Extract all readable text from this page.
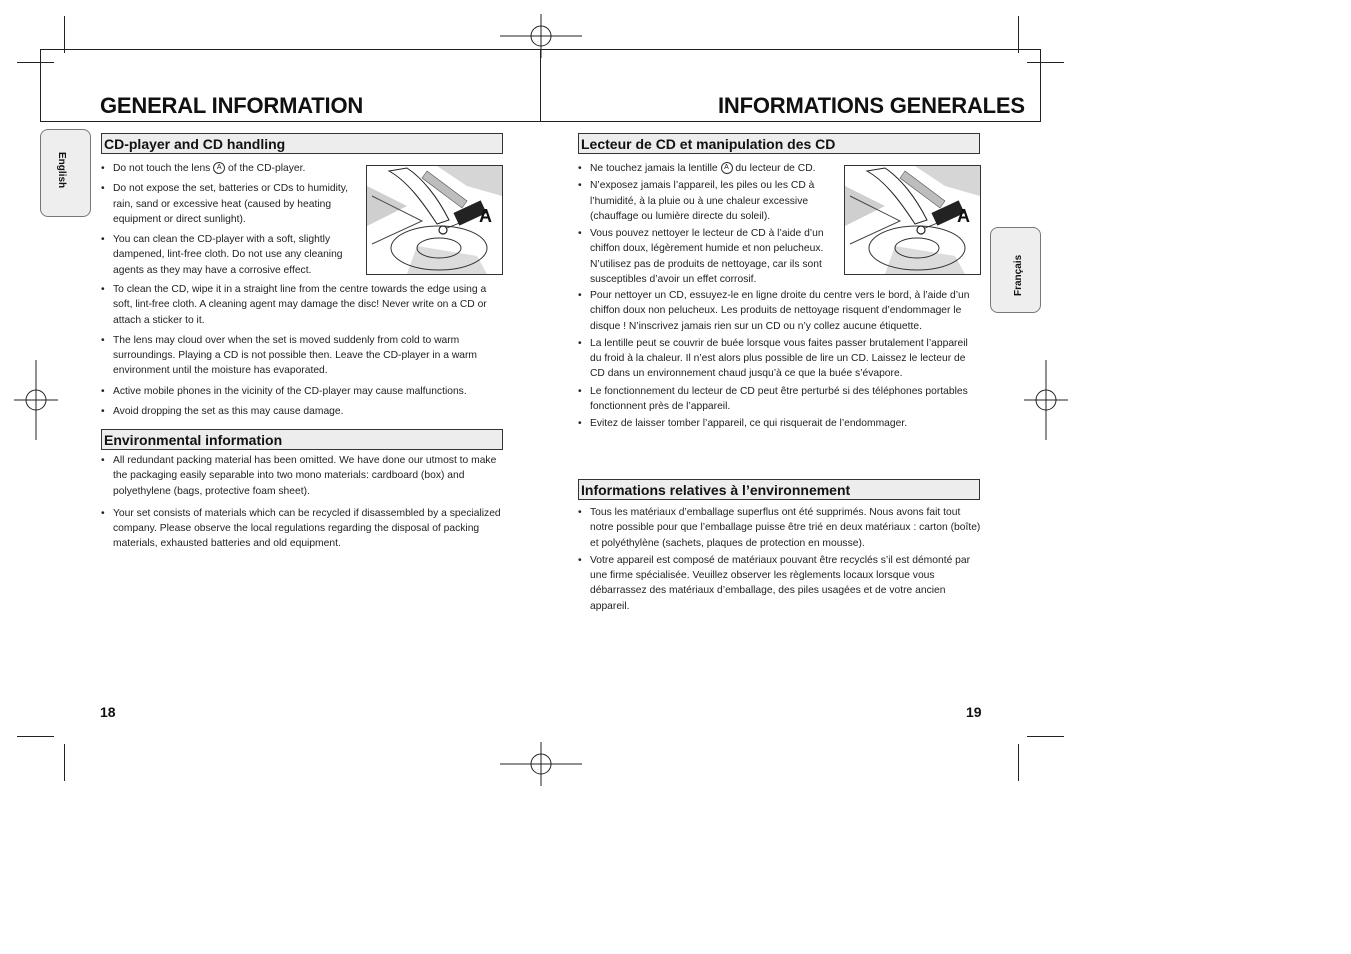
GENERAL INFORMATION	INFORMATIONS GENERALES
English
Français
CD-player and CD handling
• Do not touch the lens A of the CD-player.
• Do not expose the set, batteries or CDs to humidity, rain, sand or excessive heat (caused by heating equipment or direct sunlight).
• You can clean the CD-player with a soft, slightly dampened, lint-free cloth. Do not use any cleaning agents as they may have a corrosive effect.
A
• To clean the CD, wipe it in a straight line from the centre towards the edge using a soft, lint-free cloth. A cleaning agent may damage the disc! Never write on a CD or attach a sticker to it.
• The lens may cloud over when the set is moved suddenly from cold to warm surroundings. Playing a CD is not possible then. Leave the CD-player in a warm environment until the moisture has evaporated.
• Active mobile phones in the vicinity of the CD-player may cause malfunctions.
• Avoid dropping the set as this may cause damage.
Environmental information
• All redundant packing material has been omitted. We have done our utmost to make the packaging easily separable into two mono materials: cardboard (box) and polyethylene (bags, protective foam sheet).
• Your set consists of materials which can be recycled if disassembled by a specialized company. Please observe the local regulations regarding the disposal of packing materials, exhausted batteries and old equipment.
18
Lecteur de CD et manipulation des CD
• Ne touchez jamais la lentille A du lecteur de CD.
• N’exposez jamais l’appareil, les piles ou les CD à l’humidité, à la pluie ou à une chaleur excessive (chauffage ou lumière directe du soleil).
• Vous pouvez nettoyer le lecteur de CD à l’aide d’un chiffon doux, légèrement humide et non pelucheux. N’utilisez pas de produits de nettoyage, car ils sont susceptibles d’avoir un effet corrosif.
A
• Pour nettoyer un CD, essuyez-le en ligne droite du centre vers le bord, à l’aide d’un chiffon doux non pelucheux. Les produits de nettoyage risquent d’endommager le disque ! N’inscrivez jamais rien sur un CD ou n’y collez aucune étiquette.
• La lentille peut se couvrir de buée lorsque vous faites passer brutalement l’appareil du froid à la chaleur. Il n’est alors plus possible de lire un CD. Laissez le lecteur de CD dans un environnement chaud jusqu’à ce que la buée s’évapore.
• Le fonctionnement du lecteur de CD peut être perturbé si des téléphones portables fonctionnent près de l’appareil.
• Evitez de laisser tomber l’appareil, ce qui risquerait de l’endommager.
Informations relatives à l’environnement
• Tous les matériaux d’emballage superflus ont été supprimés. Nous avons fait tout notre possible pour que l’emballage puisse être trié en deux matériaux : carton (boîte) et polyéthylène (sachets, plaques de protection en mousse).
• Votre appareil est composé de matériaux pouvant être recyclés s’il est démonté par une firme spécialisée. Veuillez observer les règlements locaux lorsque vous débarrassez des matériaux d’emballage, des piles usagées et de votre ancien appareil.
19
